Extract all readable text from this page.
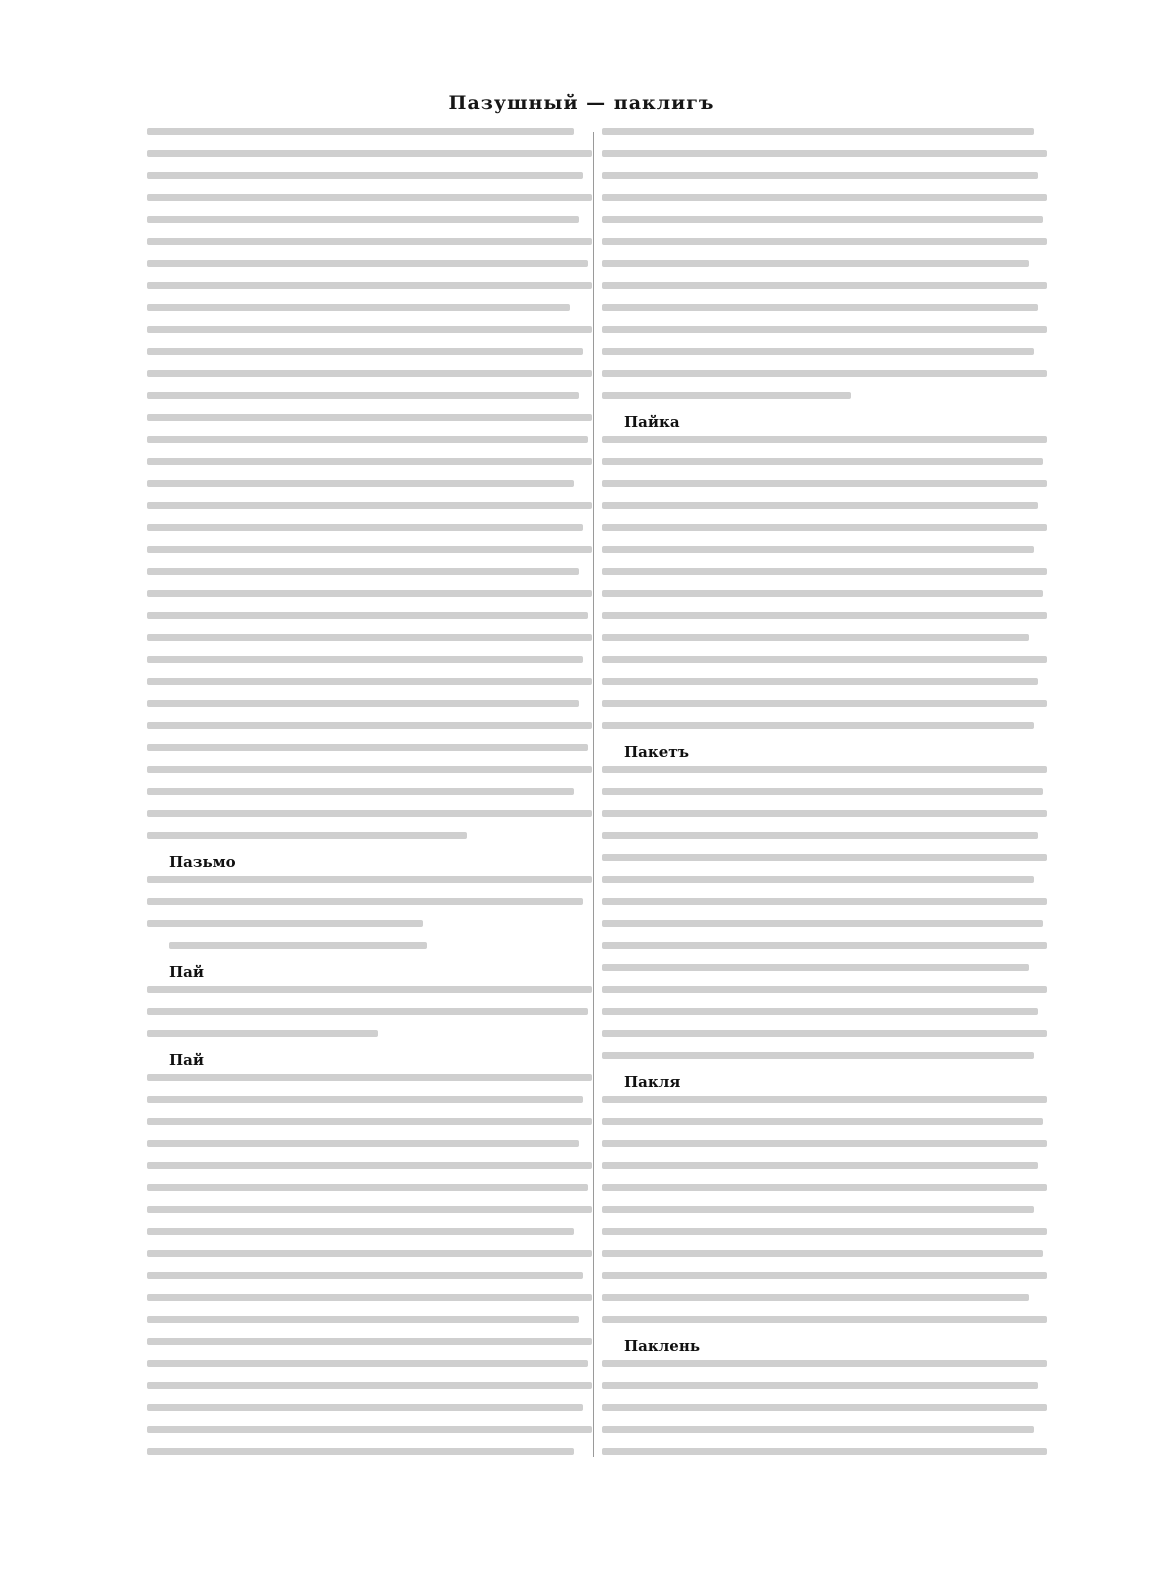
Пазушный — паклигъ
Пазьмо
Пай
Пай
Пайка
Пакетъ
Пакля
Паклень
